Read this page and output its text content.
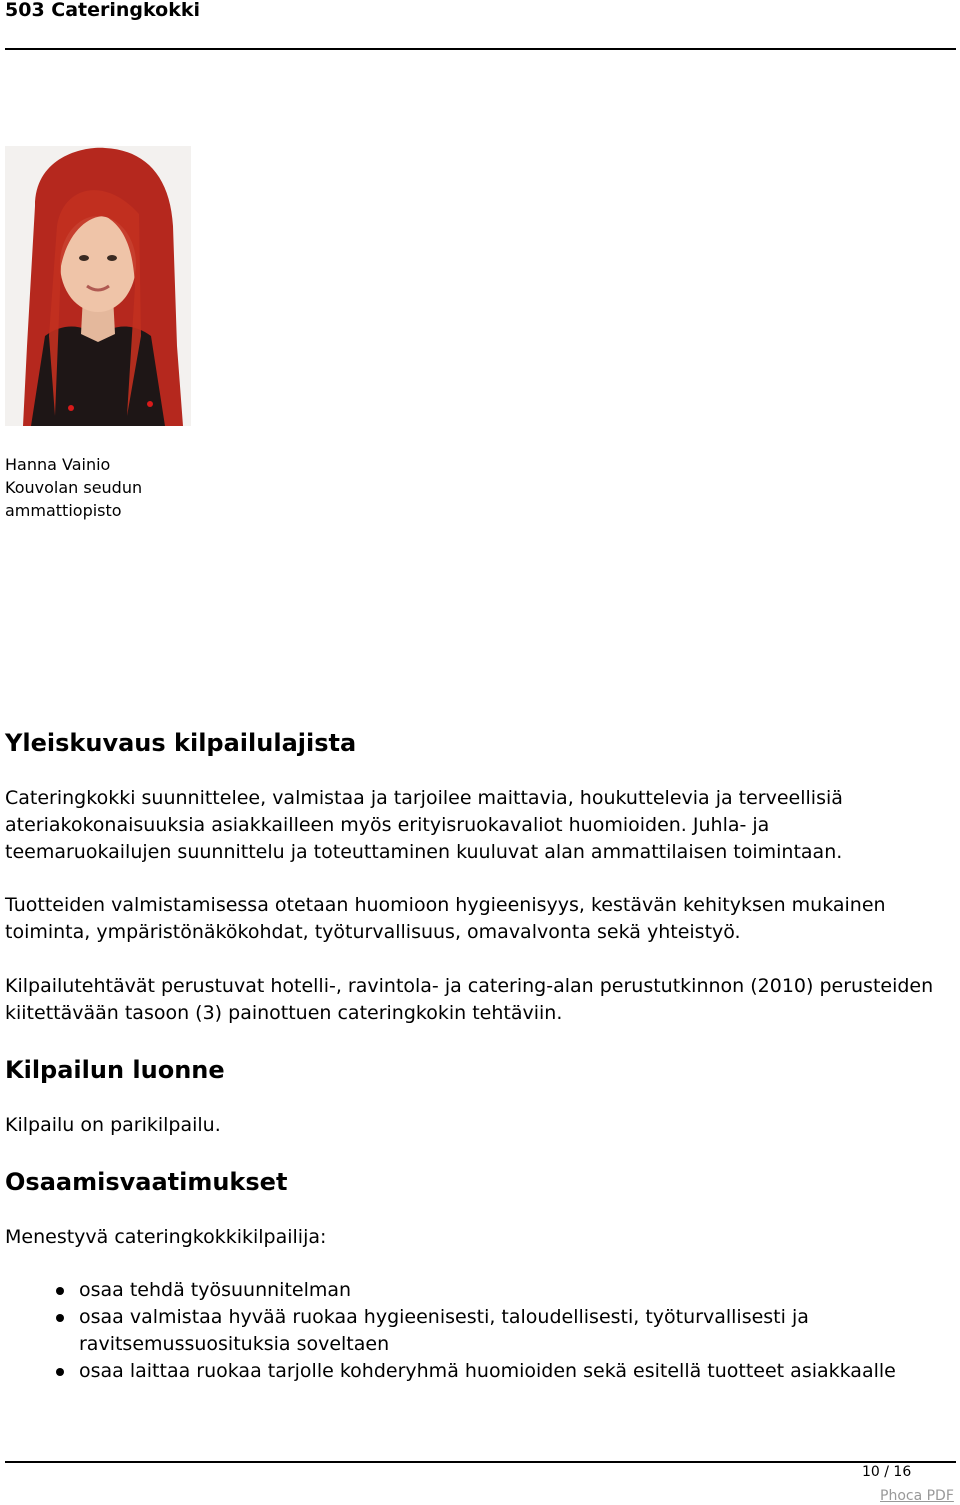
503 Cateringkokki
Hanna Vainio
Kouvolan seudun
ammattiopisto
Yleiskuvaus kilpailulajista
Cateringkokki suunnittelee, valmistaa ja tarjoilee maittavia, houkuttelevia ja terveellisiä
ateriakokonaisuuksia asiakkailleen myös erityisruokavaliot huomioiden. Juhla- ja
teemaruokailujen suunnittelu ja toteuttaminen kuuluvat alan ammattilaisen toimintaan.
Tuotteiden valmistamisessa otetaan huomioon hygieenisyys, kestävän kehityksen mukainen
toiminta, ympäristönäkökohdat, työturvallisuus, omavalvonta sekä yhteistyö.
Kilpailutehtävät perustuvat hotelli-, ravintola- ja catering-alan perustutkinnon (2010) perusteiden
kiitettävään tasoon (3) painottuen cateringkokin tehtäviin.
Kilpailun luonne
Kilpailu on parikilpailu.
Osaamisvaatimukset
Menestyvä cateringkokkikilpailija:
osaa tehdä työsuunnitelman
osaa valmistaa hyvää ruokaa hygieenisesti, taloudellisesti, työturvallisesti ja
ravitsemussuosituksia soveltaen
osaa laittaa ruokaa tarjolle kohderyhmä huomioiden sekä esitellä tuotteet asiakkaalle
10 / 16
Phoca PDF
